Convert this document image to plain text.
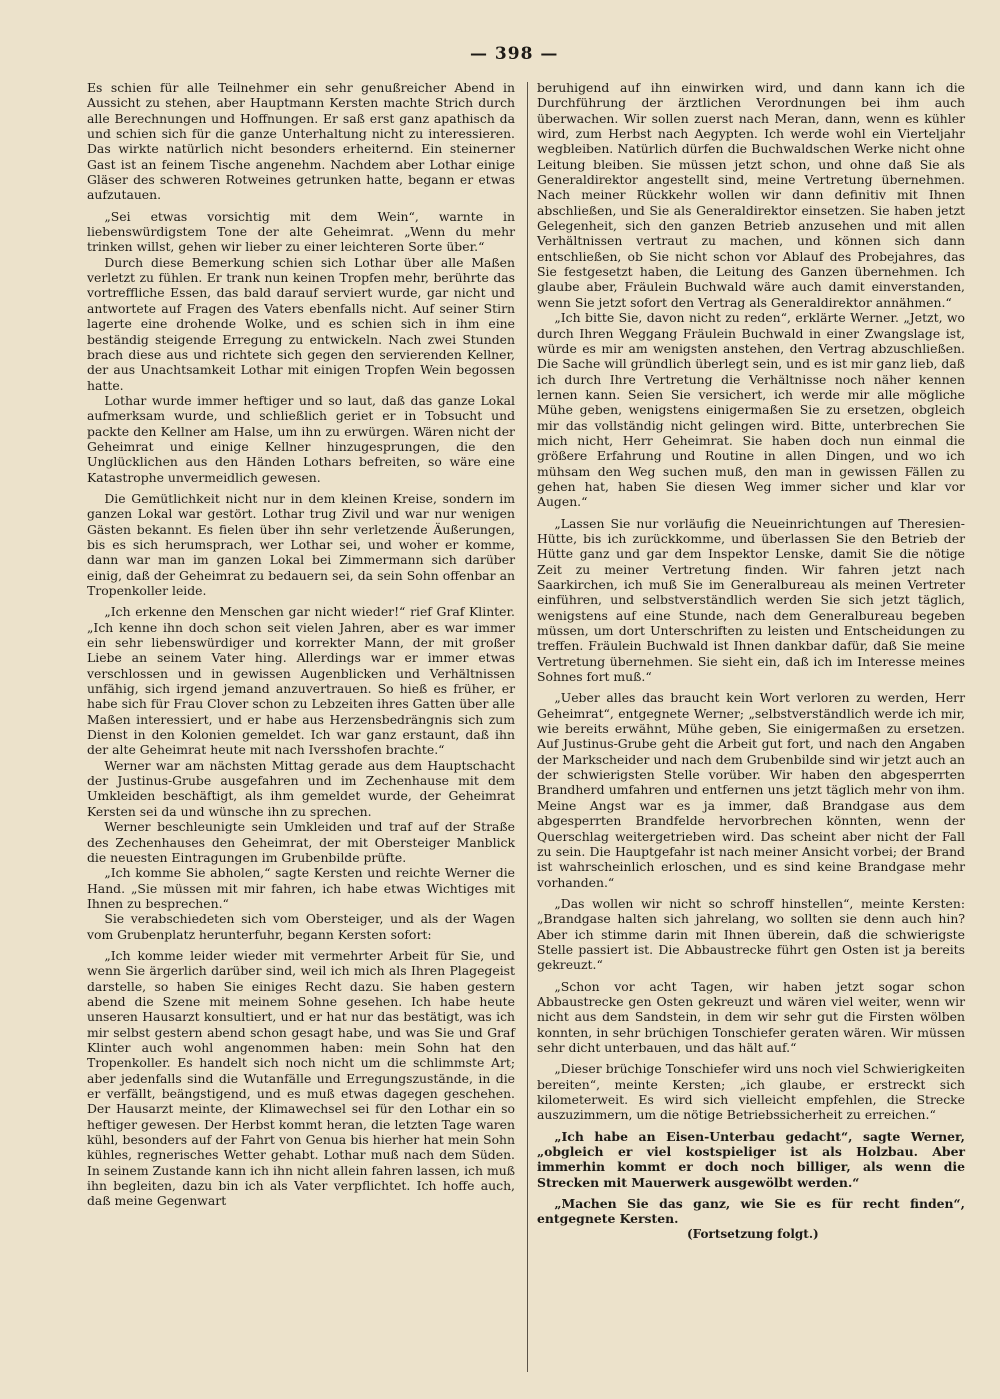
— 398 —

Es schien für alle Teilnehmer ein sehr genußreicher Abend in Aussicht zu stehen, aber Hauptmann Kersten machte Strich durch alle Berechnungen und Hoffnungen. Er saß erst ganz apathisch da und schien sich für die ganze Unterhaltung nicht zu interessieren. Das wirkte natürlich nicht besonders erheiternd. Ein steinerner Gast ist an feinem Tische angenehm. Nachdem aber Lothar einige Gläser des schweren Rotweines getrunken hatte, begann er etwas aufzutauen.

„Sei etwas vorsichtig mit dem Wein“, warnte in liebenswürdigstem Tone der alte Geheimrat. „Wenn du mehr trinken willst, gehen wir lieber zu einer leichteren Sorte über.“

Durch diese Bemerkung schien sich Lothar über alle Maßen verletzt zu fühlen. Er trank nun keinen Tropfen mehr, berührte das vortreffliche Essen, das bald darauf serviert wurde, gar nicht und antwortete auf Fragen des Vaters ebenfalls nicht. Auf seiner Stirn lagerte eine drohende Wolke, und es schien sich in ihm eine beständig steigende Erregung zu entwickeln. Nach zwei Stunden brach diese aus und richtete sich gegen den servierenden Kellner, der aus Unachtsamkeit Lothar mit einigen Tropfen Wein begossen hatte.

Lothar wurde immer heftiger und so laut, daß das ganze Lokal aufmerksam wurde, und schließlich geriet er in Tobsucht und packte den Kellner am Halse, um ihn zu erwürgen. Wären nicht der Geheimrat und einige Kellner hinzugesprungen, die den Unglücklichen aus den Händen Lothars befreiten, so wäre eine Katastrophe unvermeidlich gewesen.

Die Gemütlichkeit nicht nur in dem kleinen Kreise, sondern im ganzen Lokal war gestört. Lothar trug Zivil und war nur wenigen Gästen bekannt. Es fielen über ihn sehr verletzende Äußerungen, bis es sich herumsprach, wer Lothar sei, und woher er komme, dann war man im ganzen Lokal bei Zimmermann sich darüber einig, daß der Geheimrat zu bedauern sei, da sein Sohn offenbar an Tropenkoller leide.

„Ich erkenne den Menschen gar nicht wieder!“ rief Graf Klinter. „Ich kenne ihn doch schon seit vielen Jahren, aber es war immer ein sehr liebenswürdiger und korrekter Mann, der mit großer Liebe an seinem Vater hing. Allerdings war er immer etwas verschlossen und in gewissen Augenblicken und Verhältnissen unfähig, sich irgend jemand anzuvertrauen. So hieß es früher, er habe sich für Frau Clover schon zu Lebzeiten ihres Gatten über alle Maßen interessiert, und er habe aus Herzensbedrängnis sich zum Dienst in den Kolonien gemeldet. Ich war ganz erstaunt, daß ihn der alte Geheimrat heute mit nach Iversshofen brachte.“

Werner war am nächsten Mittag gerade aus dem Hauptschacht der Justinus-Grube ausgefahren und im Zechenhause mit dem Umkleiden beschäftigt, als ihm gemeldet wurde, der Geheimrat Kersten sei da und wünsche ihn zu sprechen.

Werner beschleunigte sein Umkleiden und traf auf der Straße des Zechenhauses den Geheimrat, der mit Obersteiger Manblick die neuesten Eintragungen im Grubenbilde prüfte.

„Ich komme Sie abholen,“ sagte Kersten und reichte Werner die Hand. „Sie müssen mit mir fahren, ich habe etwas Wichtiges mit Ihnen zu besprechen.“

Sie verabschiedeten sich vom Obersteiger, und als der Wagen vom Grubenplatz herunterfuhr, begann Kersten sofort:

„Ich komme leider wieder mit vermehrter Arbeit für Sie, und wenn Sie ärgerlich darüber sind, weil ich mich als Ihren Plagegeist darstelle, so haben Sie einiges Recht dazu. Sie haben gestern abend die Szene mit meinem Sohne gesehen. Ich habe heute unseren Hausarzt konsultiert, und er hat nur das bestätigt, was ich mir selbst gestern abend schon gesagt habe, und was Sie und Graf Klinter auch wohl angenommen haben: mein Sohn hat den Tropenkoller. Es handelt sich noch nicht um die schlimmste Art; aber jedenfalls sind die Wutanfälle und Erregungszustände, in die er verfällt, beängstigend, und es muß etwas dagegen geschehen. Der Hausarzt meinte, der Klimawechsel sei für den Lothar ein so heftiger gewesen. Der Herbst kommt heran, die letzten Tage waren kühl, besonders auf der Fahrt von Genua bis hierher hat mein Sohn kühles, regnerisches Wetter gehabt. Lothar muß nach dem Süden. In seinem Zustande kann ich ihn nicht allein fahren lassen, ich muß ihn begleiten, dazu bin ich als Vater verpflichtet. Ich hoffe auch, daß meine Gegenwart

beruhigend auf ihn einwirken wird, und dann kann ich die Durchführung der ärztlichen Verordnungen bei ihm auch überwachen. Wir sollen zuerst nach Meran, dann, wenn es kühler wird, zum Herbst nach Aegypten. Ich werde wohl ein Vierteljahr wegbleiben. Natürlich dürfen die Buchwaldschen Werke nicht ohne Leitung bleiben. Sie müssen jetzt schon, und ohne daß Sie als Generaldirektor angestellt sind, meine Vertretung übernehmen. Nach meiner Rückkehr wollen wir dann definitiv mit Ihnen abschließen, und Sie als Generaldirektor einsetzen. Sie haben jetzt Gelegenheit, sich den ganzen Betrieb anzusehen und mit allen Verhältnissen vertraut zu machen, und können sich dann entschließen, ob Sie nicht schon vor Ablauf des Probejahres, das Sie festgesetzt haben, die Leitung des Ganzen übernehmen. Ich glaube aber, Fräulein Buchwald wäre auch damit einverstanden, wenn Sie jetzt sofort den Vertrag als Generaldirektor annähmen.“

„Ich bitte Sie, davon nicht zu reden“, erklärte Werner. „Jetzt, wo durch Ihren Weggang Fräulein Buchwald in einer Zwangslage ist, würde es mir am wenigsten anstehen, den Vertrag abzuschließen. Die Sache will gründlich überlegt sein, und es ist mir ganz lieb, daß ich durch Ihre Vertretung die Verhältnisse noch näher kennen lernen kann. Seien Sie versichert, ich werde mir alle mögliche Mühe geben, wenigstens einigermaßen Sie zu ersetzen, obgleich mir das vollständig nicht gelingen wird. Bitte, unterbrechen Sie mich nicht, Herr Geheimrat. Sie haben doch nun einmal die größere Erfahrung und Routine in allen Dingen, und wo ich mühsam den Weg suchen muß, den man in gewissen Fällen zu gehen hat, haben Sie diesen Weg immer sicher und klar vor Augen.“

„Lassen Sie nur vorläufig die Neueinrichtungen auf Theresien-Hütte, bis ich zurückkomme, und überlassen Sie den Betrieb der Hütte ganz und gar dem Inspektor Lenske, damit Sie die nötige Zeit zu meiner Vertretung finden. Wir fahren jetzt nach Saarkirchen, ich muß Sie im Generalbureau als meinen Vertreter einführen, und selbstverständlich werden Sie sich jetzt täglich, wenigstens auf eine Stunde, nach dem Generalbureau begeben müssen, um dort Unterschriften zu leisten und Entscheidungen zu treffen. Fräulein Buchwald ist Ihnen dankbar dafür, daß Sie meine Vertretung übernehmen. Sie sieht ein, daß ich im Interesse meines Sohnes fort muß.“

„Ueber alles das braucht kein Wort verloren zu werden, Herr Geheimrat“, entgegnete Werner; „selbstverständlich werde ich mir, wie bereits erwähnt, Mühe geben, Sie einigermaßen zu ersetzen. Auf Justinus-Grube geht die Arbeit gut fort, und nach den Angaben der Markscheider und nach dem Grubenbilde sind wir jetzt auch an der schwierigsten Stelle vorüber. Wir haben den abgesperrten Brandherd umfahren und entfernen uns jetzt täglich mehr von ihm. Meine Angst war es ja immer, daß Brandgase aus dem abgesperrten Brandfelde hervorbrechen könnten, wenn der Querschlag weitergetrieben wird. Das scheint aber nicht der Fall zu sein. Die Hauptgefahr ist nach meiner Ansicht vorbei; der Brand ist wahrscheinlich erloschen, und es sind keine Brandgase mehr vorhanden.“

„Das wollen wir nicht so schroff hinstellen“, meinte Kersten: „Brandgase halten sich jahrelang, wo sollten sie denn auch hin? Aber ich stimme darin mit Ihnen überein, daß die schwierigste Stelle passiert ist. Die Abbaustrecke führt gen Osten ist ja bereits gekreuzt.“

„Schon vor acht Tagen, wir haben jetzt sogar schon Abbaustrecke gen Osten gekreuzt und wären viel weiter, wenn wir nicht aus dem Sandstein, in dem wir sehr gut die Firsten wölben konnten, in sehr brüchigen Tonschiefer geraten wären. Wir müssen sehr dicht unterbauen, und das hält auf.“

„Dieser brüchige Tonschiefer wird uns noch viel Schwierigkeiten bereiten“, meinte Kersten; „ich glaube, er erstreckt sich kilometerweit. Es wird sich vielleicht empfehlen, die Strecke auszuzimmern, um die nötige Betriebssicherheit zu erreichen.“

„Ich habe an Eisen-Unterbau gedacht“, sagte Werner, „obgleich er viel kostspieliger ist als Holzbau. Aber immerhin kommt er doch noch billiger, als wenn die Strecken mit Mauerwerk ausgewölbt werden.“

„Machen Sie das ganz, wie Sie es für recht finden“, entgegnete Kersten.

(Fortsetzung folgt.)
